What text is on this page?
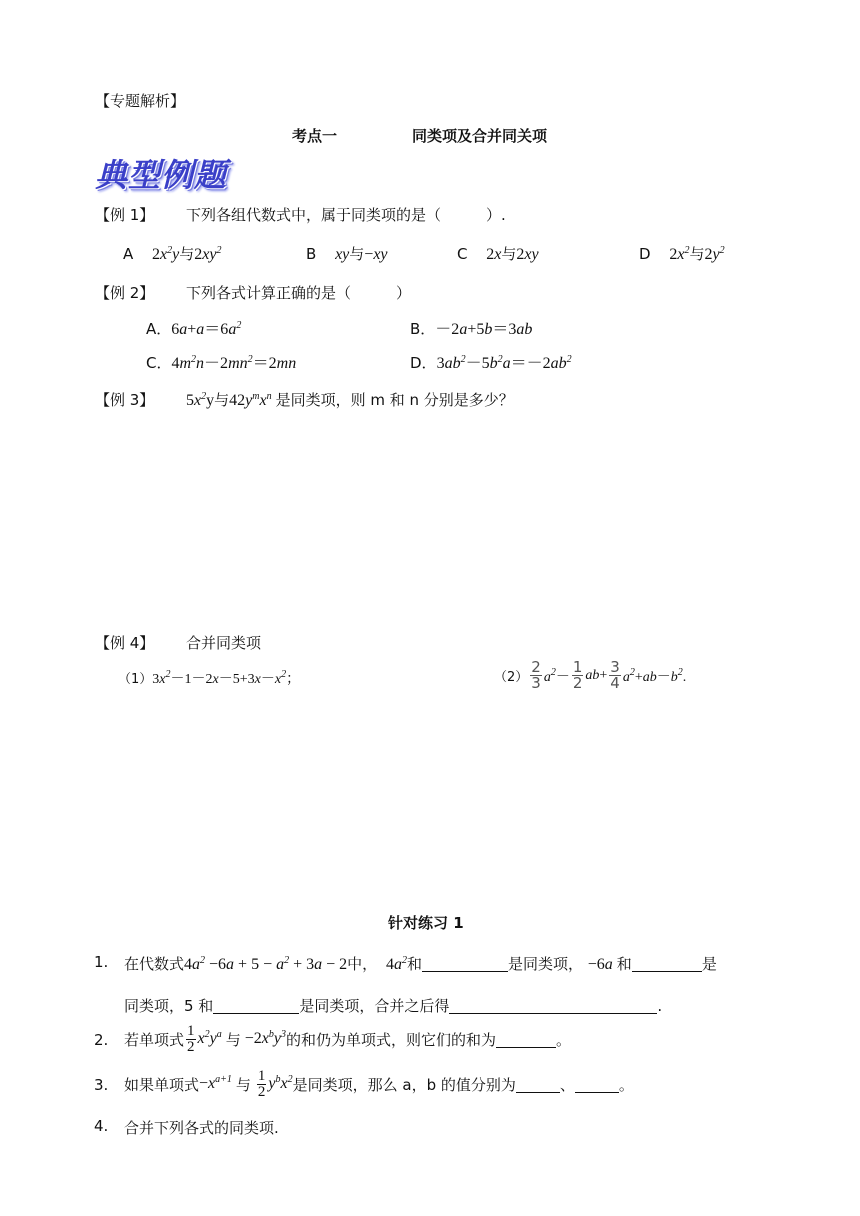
【专题解析】
考点一	同类项及合并同关项
典型例题
【例 1】 下列各组代数式中，属于同类项的是（　　　）.
A $2x^2y$与$2xy^2$	B xy与−xy	C 2x与2xy	D $2x^2$与$2y^2$
【例 2】 下列各式计算正确的是（　　　）
A．$6a+a=6a^2$	B．－2a+5b＝3ab
C．$4m^2n-2mn^2=2mn$	D．$3ab^2-5b^2a=-2ab^2$
【例 3】 $5x^2y$与$42y^mx^n$ 是同类项，则 m 和 n 分别是多少？
【例 4】 合并同类项
$(1)3x^2-1-2x-5+3x-x^2$；	$(2) \frac{2}{3} a^2- \frac{1}{2} ab+ \frac{3}{4} a^2+ab-b^2$.
针对练习 1
1. 在代数式$4a^2 -6a + 5 - a^2 + 3a - 2$中， $4a^2$和	是同类项， −6a 和	是
同类项，5 和	是同类项，合并之后得	.
2. 若单项式 $\frac{1}{2} x^2y^a$ 与 $-2x^by^3$ 的和仍为单项式，则它们的和为	。
3. 如果单项式 $-x^{a+1}$ 与 $\frac{1}{2} y^bx^2$ 是同类项，那么 a，b 的值分别为	、	。
4. 合并下列各式的同类项.
